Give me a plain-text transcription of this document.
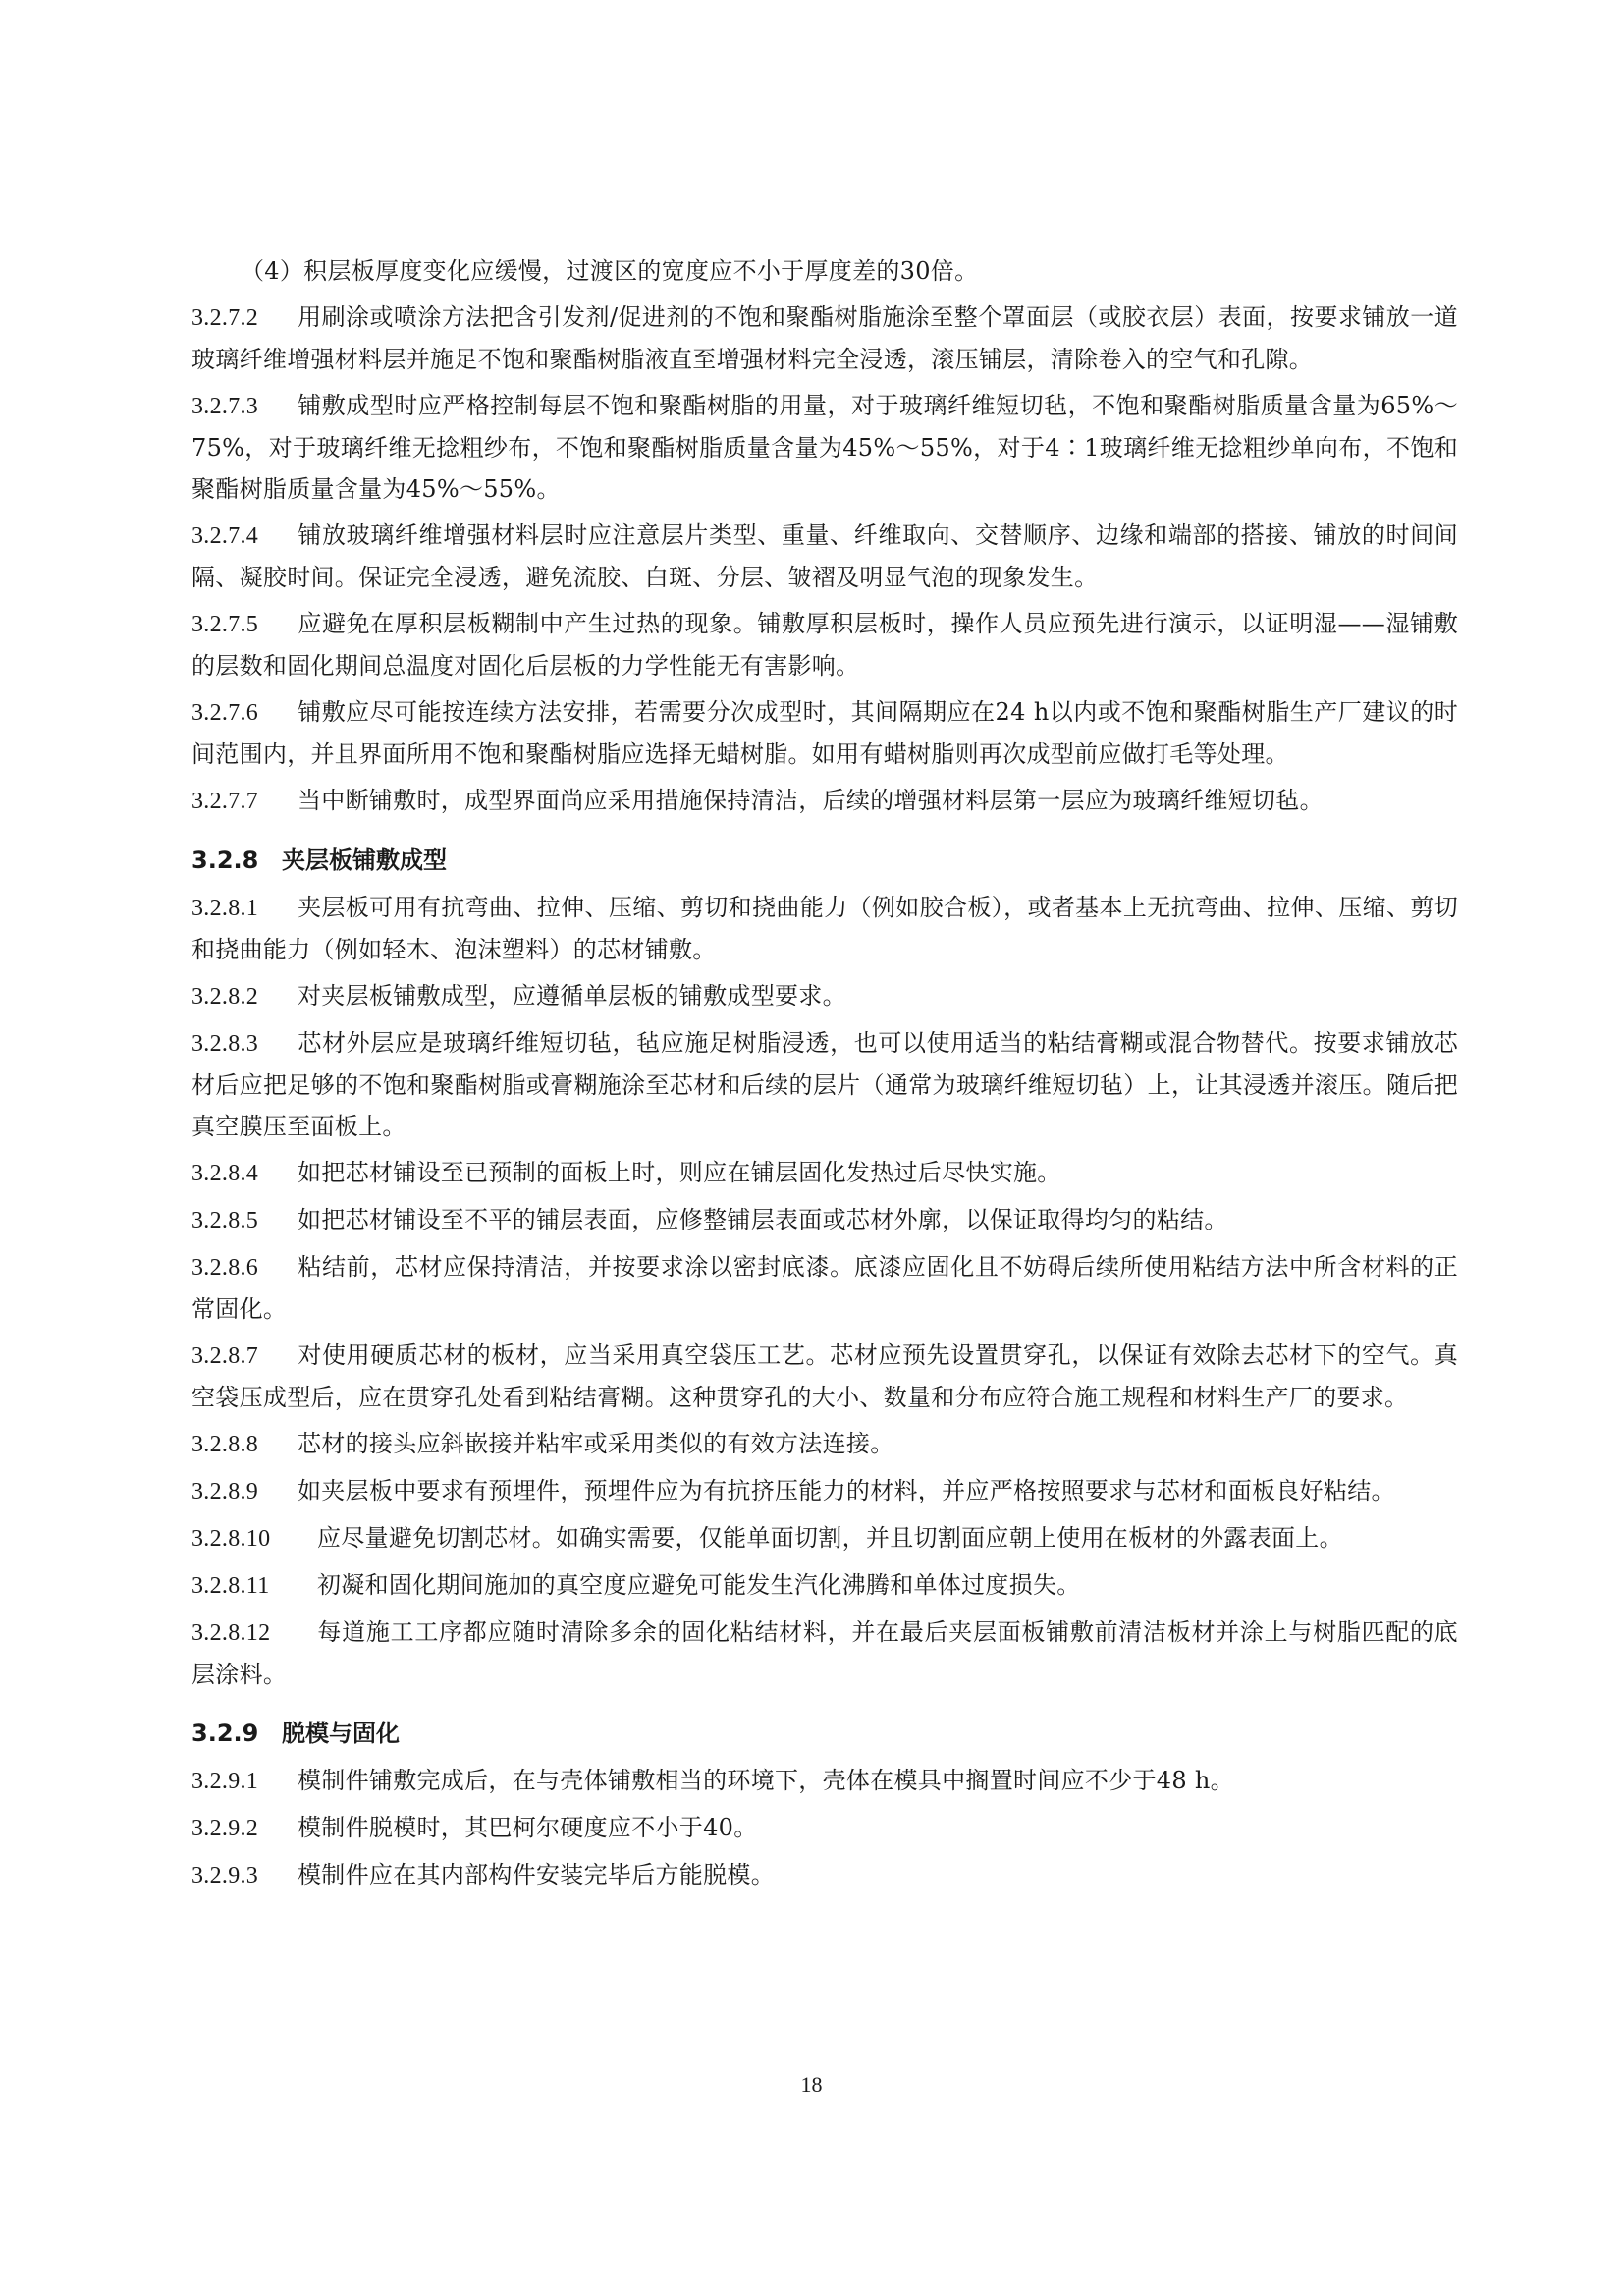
（4）积层板厚度变化应缓慢，过渡区的宽度应不小于厚度差的30倍。

3.2.7.2 用刷涂或喷涂方法把含引发剂/促进剂的不饱和聚酯树脂施涂至整个罩面层（或胶衣层）表面，按要求铺放一道玻璃纤维增强材料层并施足不饱和聚酯树脂液直至增强材料完全浸透，滚压铺层，清除卷入的空气和孔隙。

3.2.7.3 铺敷成型时应严格控制每层不饱和聚酯树脂的用量，对于玻璃纤维短切毡，不饱和聚酯树脂质量含量为65%～75%，对于玻璃纤维无捻粗纱布，不饱和聚酯树脂质量含量为45%～55%，对于4∶1玻璃纤维无捻粗纱单向布，不饱和聚酯树脂质量含量为45%～55%。

3.2.7.4 铺放玻璃纤维增强材料层时应注意层片类型、重量、纤维取向、交替顺序、边缘和端部的搭接、铺放的时间间隔、凝胶时间。保证完全浸透，避免流胶、白斑、分层、皱褶及明显气泡的现象发生。

3.2.7.5 应避免在厚积层板糊制中产生过热的现象。铺敷厚积层板时，操作人员应预先进行演示，以证明湿——湿铺敷的层数和固化期间总温度对固化后层板的力学性能无有害影响。

3.2.7.6 铺敷应尽可能按连续方法安排，若需要分次成型时，其间隔期应在24 h以内或不饱和聚酯树脂生产厂建议的时间范围内，并且界面所用不饱和聚酯树脂应选择无蜡树脂。如用有蜡树脂则再次成型前应做打毛等处理。

3.2.7.7 当中断铺敷时，成型界面尚应采用措施保持清洁，后续的增强材料层第一层应为玻璃纤维短切毡。

3.2.8 夹层板铺敷成型

3.2.8.1 夹层板可用有抗弯曲、拉伸、压缩、剪切和挠曲能力（例如胶合板），或者基本上无抗弯曲、拉伸、压缩、剪切和挠曲能力（例如轻木、泡沫塑料）的芯材铺敷。

3.2.8.2 对夹层板铺敷成型，应遵循单层板的铺敷成型要求。

3.2.8.3 芯材外层应是玻璃纤维短切毡，毡应施足树脂浸透，也可以使用适当的粘结膏糊或混合物替代。按要求铺放芯材后应把足够的不饱和聚酯树脂或膏糊施涂至芯材和后续的层片（通常为玻璃纤维短切毡）上，让其浸透并滚压。随后把真空膜压至面板上。

3.2.8.4 如把芯材铺设至已预制的面板上时，则应在铺层固化发热过后尽快实施。

3.2.8.5 如把芯材铺设至不平的铺层表面，应修整铺层表面或芯材外廓，以保证取得均匀的粘结。

3.2.8.6 粘结前，芯材应保持清洁，并按要求涂以密封底漆。底漆应固化且不妨碍后续所使用粘结方法中所含材料的正常固化。

3.2.8.7 对使用硬质芯材的板材，应当采用真空袋压工艺。芯材应预先设置贯穿孔，以保证有效除去芯材下的空气。真空袋压成型后，应在贯穿孔处看到粘结膏糊。这种贯穿孔的大小、数量和分布应符合施工规程和材料生产厂的要求。

3.2.8.8 芯材的接头应斜嵌接并粘牢或采用类似的有效方法连接。

3.2.8.9 如夹层板中要求有预埋件，预埋件应为有抗挤压能力的材料，并应严格按照要求与芯材和面板良好粘结。

3.2.8.10 应尽量避免切割芯材。如确实需要，仅能单面切割，并且切割面应朝上使用在板材的外露表面上。

3.2.8.11 初凝和固化期间施加的真空度应避免可能发生汽化沸腾和单体过度损失。

3.2.8.12 每道施工工序都应随时清除多余的固化粘结材料，并在最后夹层面板铺敷前清洁板材并涂上与树脂匹配的底层涂料。

3.2.9 脱模与固化

3.2.9.1 模制件铺敷完成后，在与壳体铺敷相当的环境下，壳体在模具中搁置时间应不少于48 h。

3.2.9.2 模制件脱模时，其巴柯尔硬度应不小于40。

3.2.9.3 模制件应在其内部构件安装完毕后方能脱模。

18
